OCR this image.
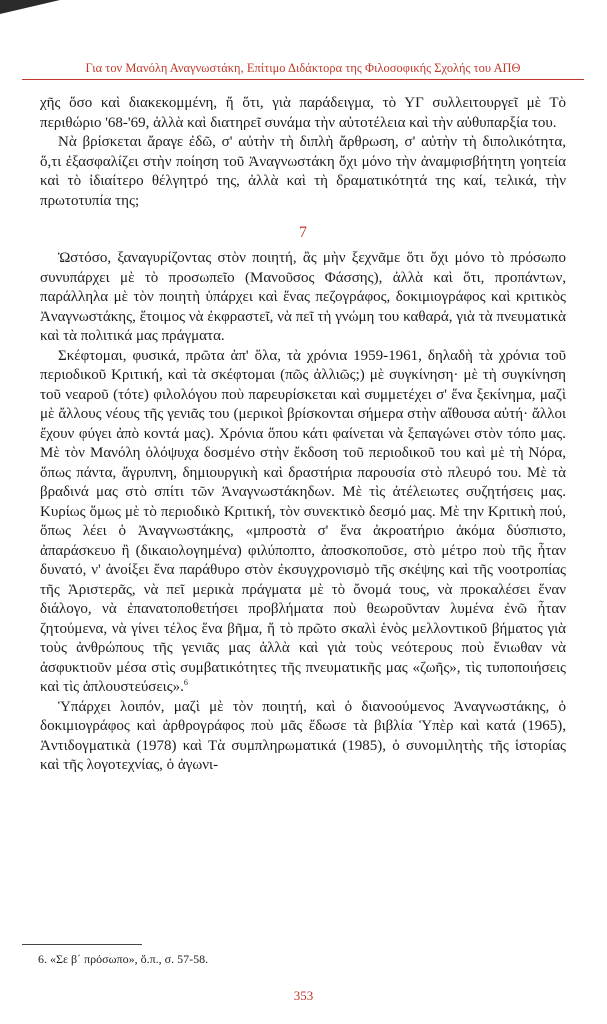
Για τον Μανόλη Αναγνωστάκη, Επίτιμο Διδάκτορα της Φιλοσοφικής Σχολής του ΑΠΘ

χῆς ὅσο καὶ διακεκομμένη, ἤ ὅτι, γιὰ παράδειγμα, τὸ ΥΓ συλλειτουργεῖ μὲ Τὸ περιθώριο '68-'69, ἀλλὰ καὶ διατηρεῖ συνάμα τὴν αὐτοτέλεια καὶ τὴν αὐθυπαρξία του.

Νὰ βρίσκεται ἄραγε ἐδῶ, σ' αὐτὴν τὴ διπλὴ ἄρθρωση, σ' αὐτὴν τὴ διπολικότητα, ὅ,τι ἐξασφαλίζει στὴν ποίηση τοῦ Ἀναγνωστάκη ὄχι μόνο τὴν ἀναμφισβήτητη γοητεία καὶ τὸ ἰδιαίτερο θέλγητρό της, ἀλλὰ καὶ τὴ δραματικότητά της καί, τελικά, τὴν πρωτοτυπία της;

7

Ὡστόσο, ξαναγυρίζοντας στὸν ποιητή, ἂς μὴν ξεχνᾶμε ὅτι ὄχι μόνο τὸ πρόσωπο συνυπάρχει μὲ τὸ προσωπεῖο (Μανοῦσος Φάσσης), ἀλλὰ καὶ ὅτι, προπάντων, παράλληλα μὲ τὸν ποιητὴ ὑπάρχει καὶ ἕνας πεζογράφος, δοκιμιογράφος καὶ κριτικὸς Ἀναγνωστάκης, ἕτοιμος νὰ ἐκφραστεῖ, νὰ πεῖ τὴ γνώμη του καθαρά, γιὰ τὰ πνευματικὰ καὶ τὰ πολιτικά μας πράγματα.

Σκέφτομαι, φυσικά, πρῶτα ἀπ' ὅλα, τὰ χρόνια 1959-1961, δηλαδὴ τὰ χρόνια τοῦ περιοδικοῦ Κριτική, καὶ τὰ σκέφτομαι (πῶς ἀλλιῶς;) μὲ συγκίνηση· μὲ τὴ συγκίνηση τοῦ νεαροῦ (τότε) φιλολόγου ποὺ παρευρίσκεται καὶ συμμετέχει σ' ἕνα ξεκίνημα, μαζὶ μὲ ἄλλους νέους τῆς γενιᾶς του (μερικοὶ βρίσκονται σήμερα στὴν αἴθουσα αὐτή· ἄλλοι ἔχουν φύγει ἀπὸ κοντά μας). Χρόνια ὅπου κάτι φαίνεται νὰ ξεπαγώνει στὸν τόπο μας. Μὲ τὸν Μανόλη ὁλόψυχα δοσμένο στὴν ἔκδοση τοῦ περιοδικοῦ του καὶ μὲ τὴ Νόρα, ὅπως πάντα, ἄγρυπνη, δημιουργικὴ καὶ δραστήρια παρουσία στὸ πλευρό του. Μὲ τὰ βραδινά μας στὸ σπίτι τῶν Ἀναγνωστάκηδων. Μὲ τὶς ἀτέλειωτες συζητήσεις μας. Κυρίως ὅμως μὲ τὸ περιοδικὸ Κριτική, τὸν συνεκτικὸ δεσμό μας. Μὲ την Κριτικὴ πού, ὅπως λέει ὁ Ἀναγνωστάκης, «μπροστὰ σ' ἕνα ἀκροατήριο ἀκόμα δύσπιστο, ἀπαράσκευο ἢ (δικαιολογημένα) φιλύποπτο, ἀποσκοποῦσε, στὸ μέτρο ποὺ τῆς ἦταν δυνατό, ν' ἀνοίξει ἕνα παράθυρο στὸν ἐκσυγχρονισμὸ τῆς σκέψης καὶ τῆς νοοτροπίας τῆς Ἀριστερᾶς, νὰ πεῖ μερικὰ πράγματα μὲ τὸ ὄνομά τους, νὰ προκαλέσει ἕναν διάλογο, νὰ ἐπανατοποθετήσει προβλήματα ποὺ θεωροῦνταν λυμένα ἐνῶ ἦταν ζητούμενα, νὰ γίνει τέλος ἕνα βῆμα, ἤ τὸ πρῶτο σκαλὶ ἑνὸς μελλοντικοῦ βήματος γιὰ τοὺς ἀνθρώπους τῆς γενιᾶς μας ἀλλὰ καὶ γιὰ τοὺς νεότερους ποὺ ἔνιωθαν νὰ ἀσφυκτιοῦν μέσα στὶς συμβατικότητες τῆς πνευματικῆς μας «ζωῆς», τὶς τυποποιήσεις καὶ τὶς ἁπλουστεύσεις».$^6$

Ὑπάρχει λοιπόν, μαζὶ μὲ τὸν ποιητή, καὶ ὁ διανοούμενος Ἀναγνωστάκης, ὁ δοκιμιογράφος καὶ ἀρθρογράφος ποὺ μᾶς ἔδωσε τὰ βιβλία Ὑπὲρ καὶ κατά (1965), Ἀντιδογματικὰ (1978) καὶ Τὰ συμπληρωματικά (1985), ὁ συνομιλητὴς τῆς ἱστορίας καὶ τῆς λογοτεχνίας, ὁ ἀγωνι-

6. «Σε β΄ πρόσωπο», ὅ.π., σ. 57-58.
353
